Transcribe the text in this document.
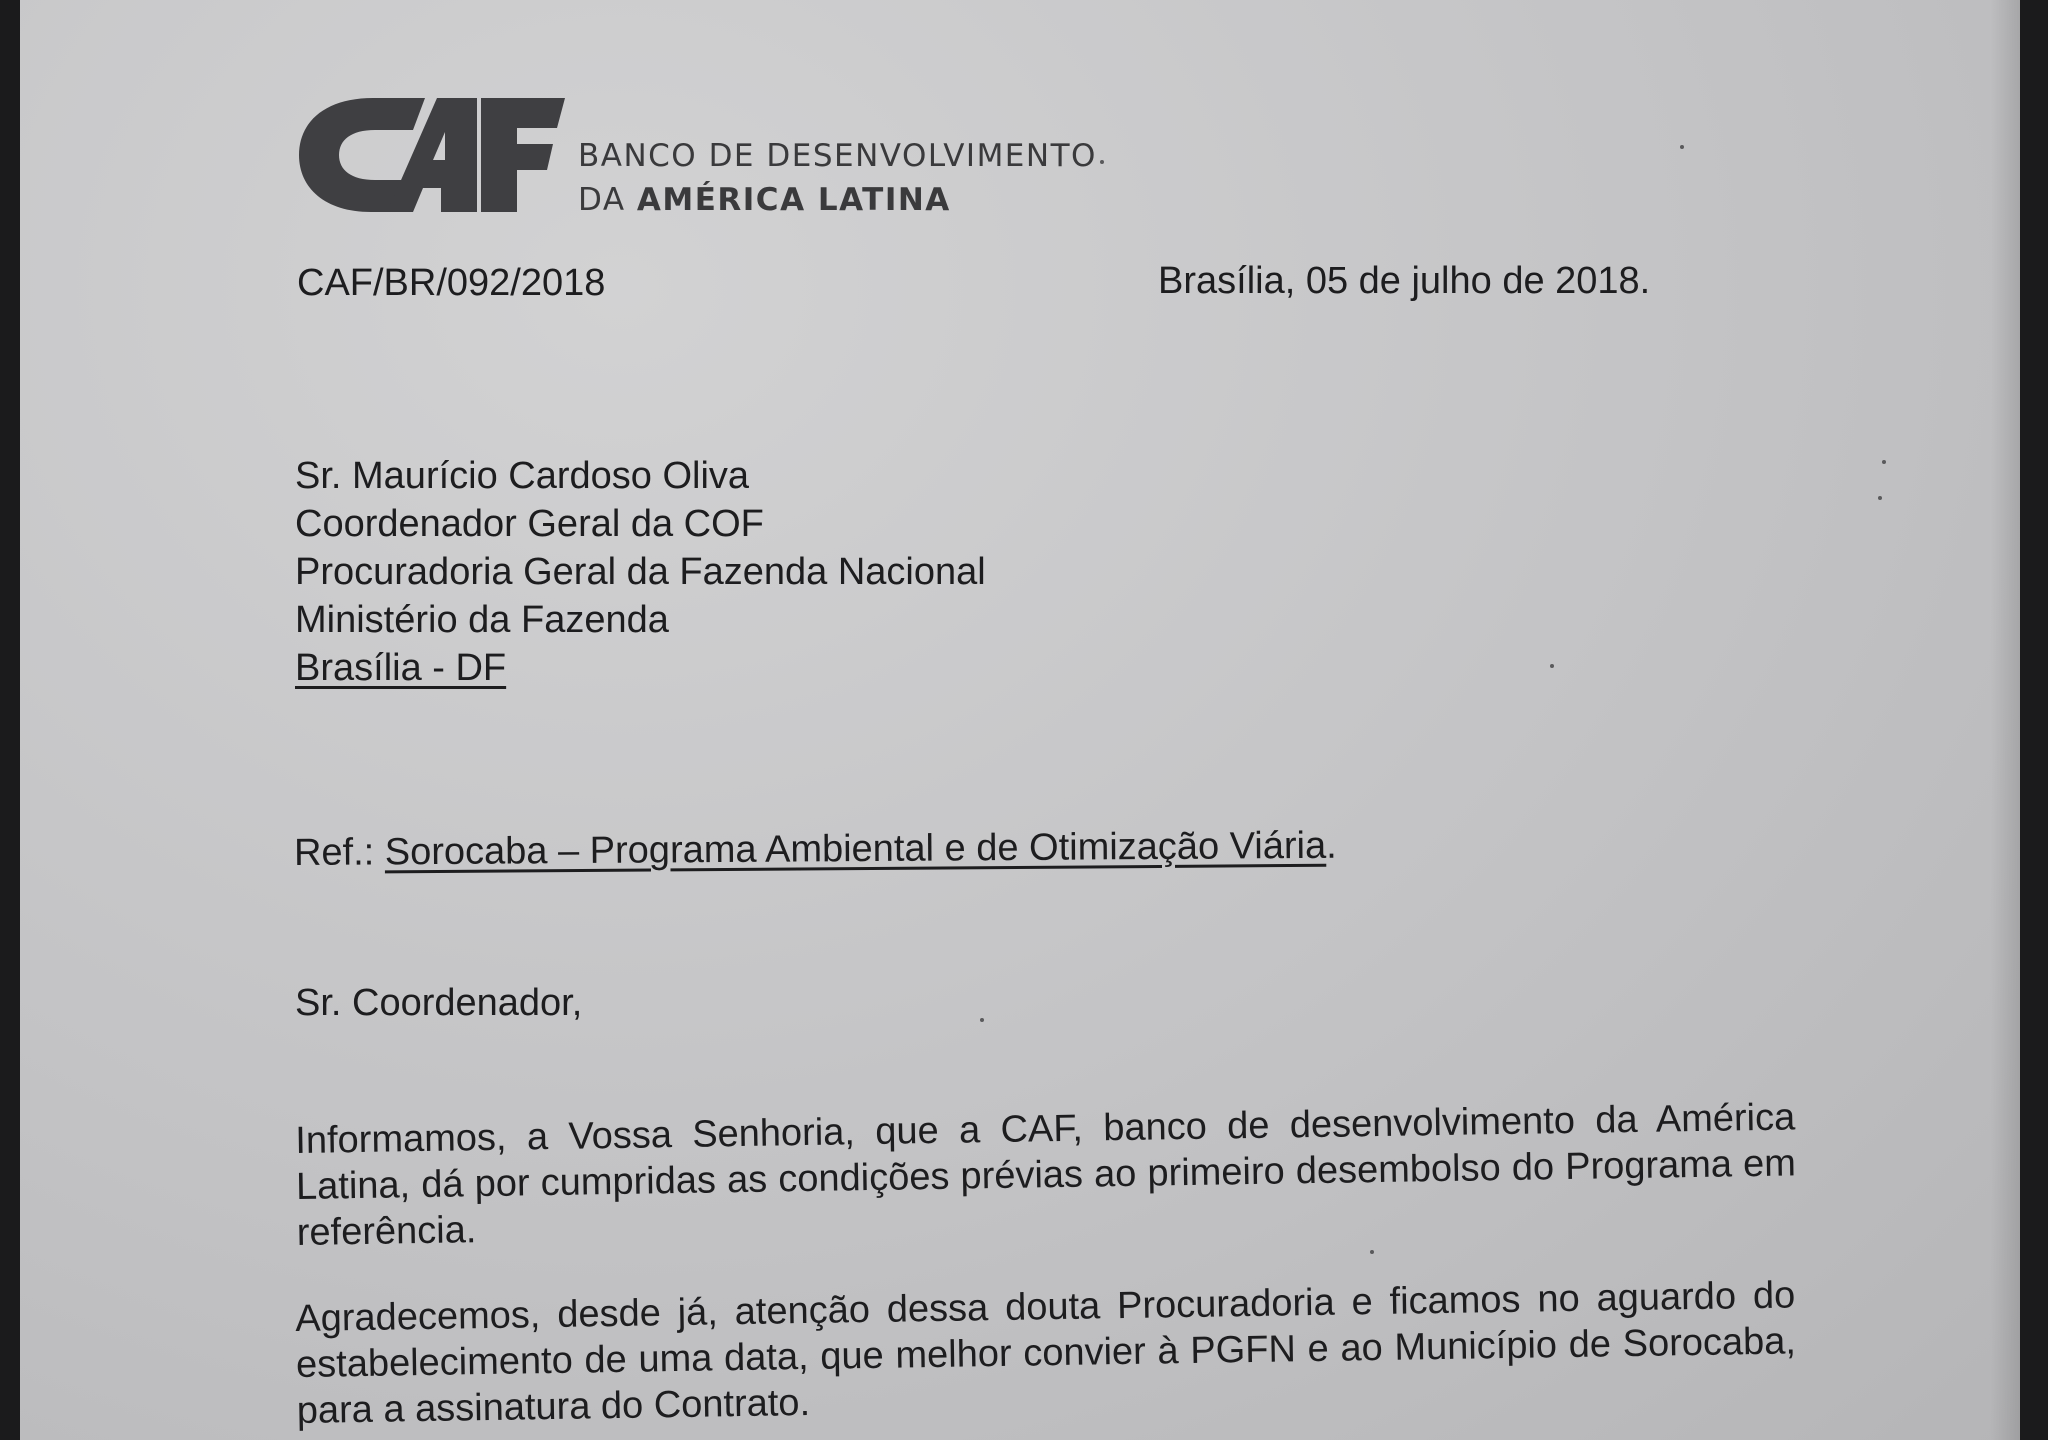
BANCO DE DESENVOLVIMENTO
DA AMÉRICA LATINA
CAF/BR/092/2018	Brasília, 05 de julho de 2018.
Sr. Maurício Cardoso Oliva
Coordenador Geral da COF
Procuradoria Geral da Fazenda Nacional
Ministério da Fazenda
Brasília - DF
Ref.: Sorocaba – Programa Ambiental e de Otimização Viária.
Sr. Coordenador,
Informamos, a Vossa Senhoria, que a CAF, banco de desenvolvimento da América Latina, dá por cumpridas as condições prévias ao primeiro desembolso do Programa em referência.
Agradecemos, desde já, atenção dessa douta Procuradoria e ficamos no aguardo do estabelecimento de uma data, que melhor convier à PGFN e ao Município de Sorocaba, para a assinatura do Contrato.
